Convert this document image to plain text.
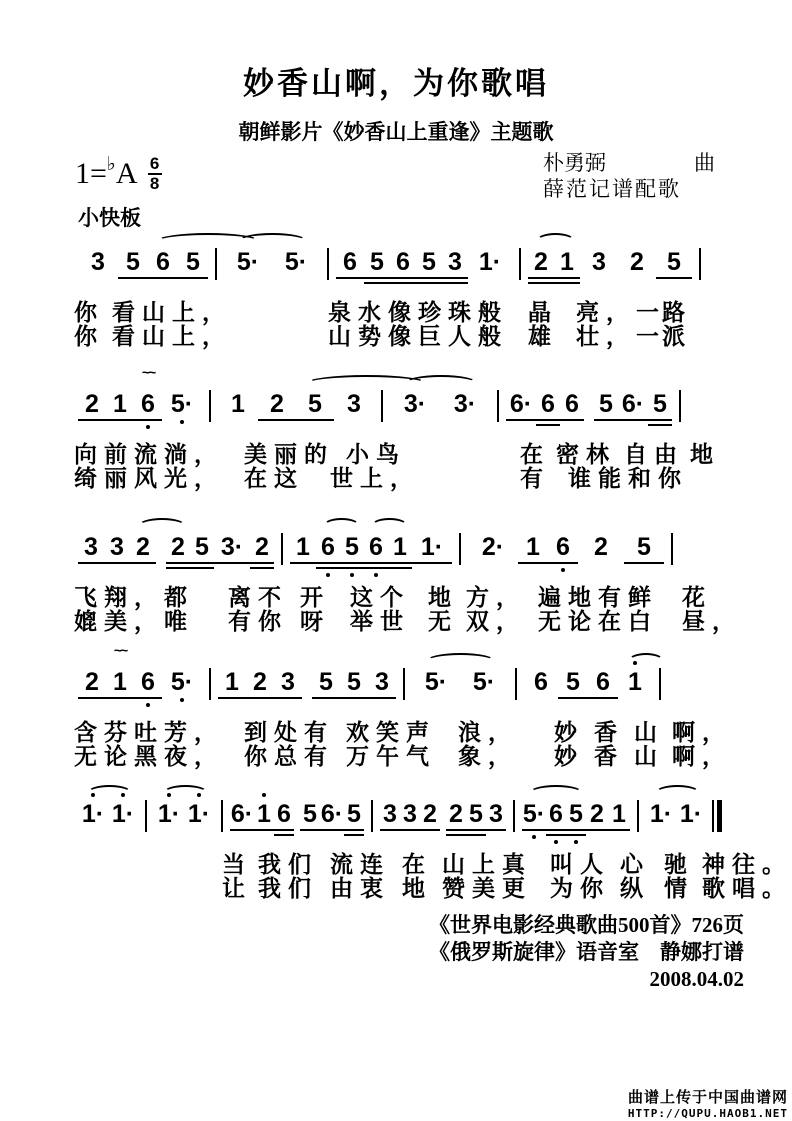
妙香山啊，为你歌唱
朝鲜影片《妙香山上重逢》主题歌
1= ♭ A 6
8
小快板
朴勇弼	曲
薛范记谱配歌
3 5 6 5	5·	5·	6 5 6 5 3 1·	2 1 3 2 5
你 看山上，	泉水像珍珠般 晶 亮，一
路
你 看山上，	山势像巨人般 雄 壮，一
派
2 1 6
~~
5·	1	2 5	3	3·	3·	6· 6 6 5 6· 5
向前流淌， 美丽的 小鸟	在 密林 自由 地
绮丽风光， 在这 世上，	有 谁能和你
3 3 2 2 5 3· 2 1 6 5 6 1 1·	2· 1 6 2	5
飞翔，都 离不 开 这个 地 方， 遍地有鲜 花
媲美，唯 有你 呀 举世 无 双， 无论在白 昼，
2 1
~~
6 5·	1 2 3 5 5 3	5·	5·	6 5 6 1
含芬吐芳， 到处有 欢笑声 浪， 妙 香 山 啊，
无论黑夜， 你总有 万午气 象， 妙 香 山 啊，
1· 1· 1· 1· 6· 1 6 5 6· 5 3 3 2 2 5 3 5· 6 5 2 1 1· 1·
当 我们 流连 在 山上真 叫人 心 驰 神往。
让 我们 由衷 地 赞美更 为你 纵 情 歌唱。
《世界电影经典歌曲500首》726页
《俄罗斯旋律》语音室　静娜打谱
2008.04.02
曲谱上传于中国曲谱网
HTTP://QUPU.HAOB1.NET
